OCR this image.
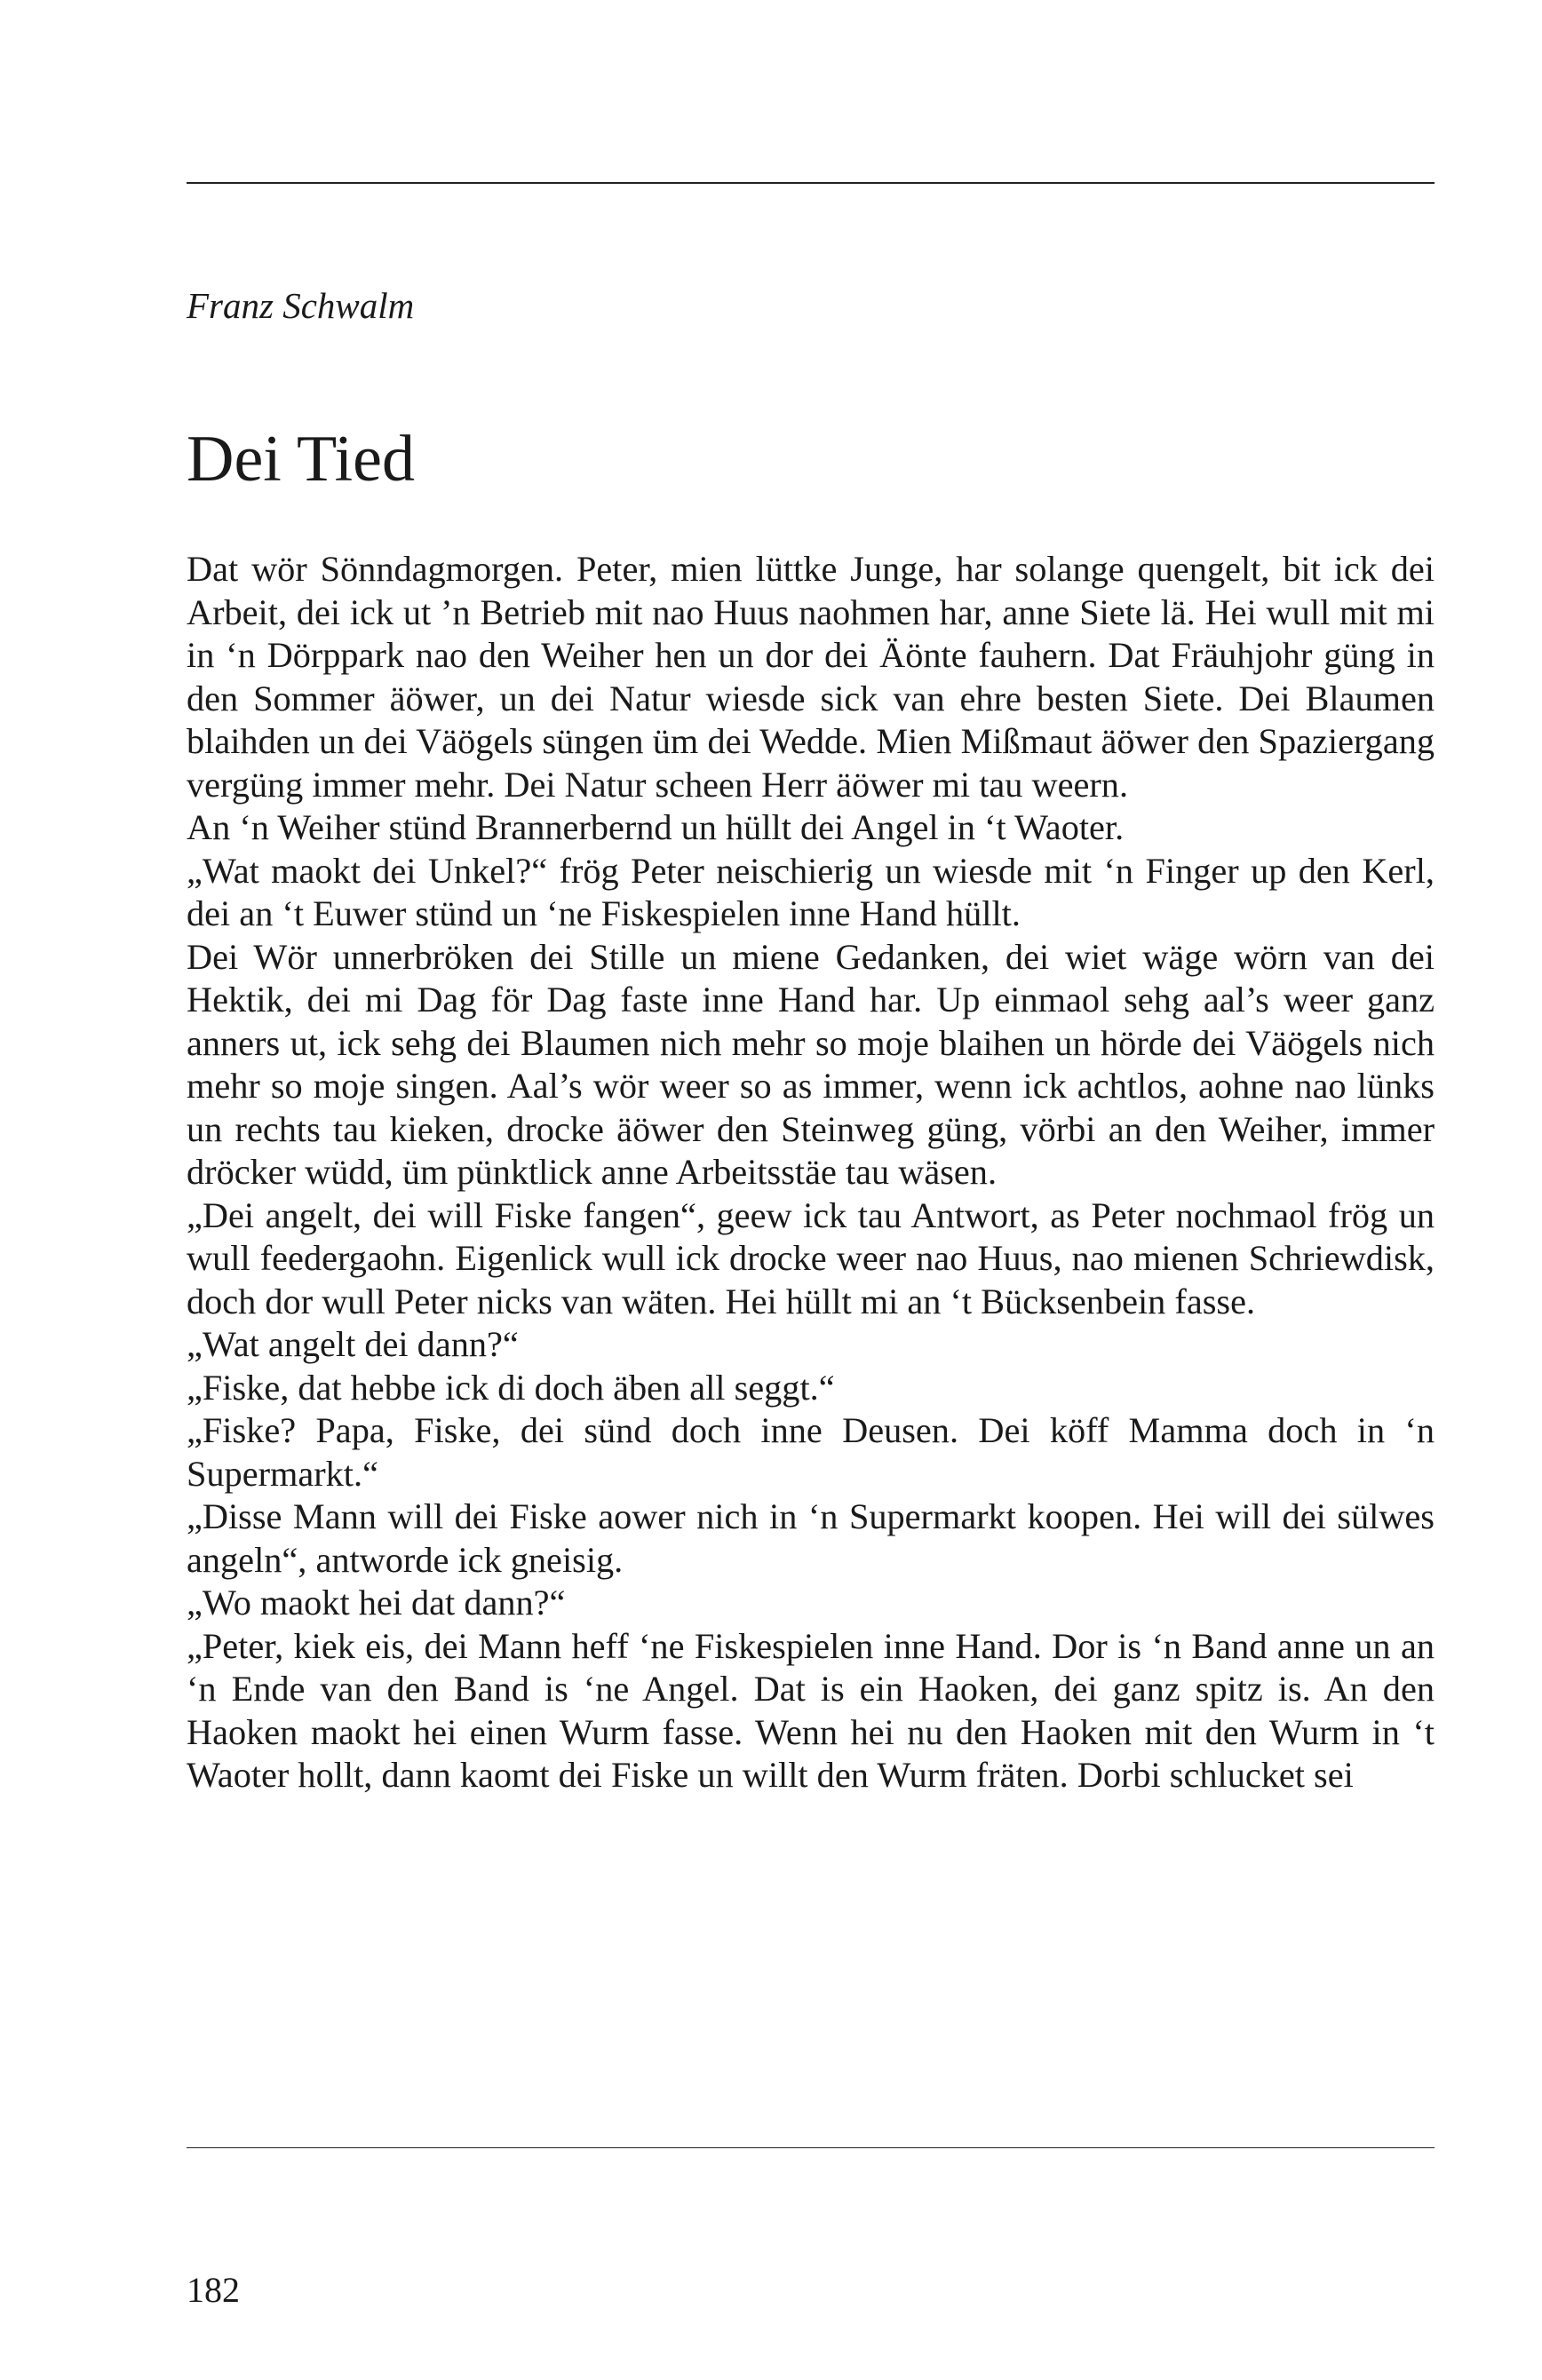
Franz Schwalm

Dei Tied

Dat wör Sönndagmorgen. Peter, mien lüttke Junge, har solange quengelt, bit ick dei Arbeit, dei ick ut ’n Betrieb mit nao Huus naohmen har, anne Siete lä. Hei wull mit mi in ‘n Dörppark nao den Weiher hen un dor dei Äönte fauhern. Dat Fräuhjohr güng in den Sommer äöwer, un dei Natur wiesde sick van ehre besten Siete. Dei Blaumen blaihden un dei Väögels süngen üm dei Wedde. Mien Mißmaut äöwer den Spaziergang vergüng immer mehr. Dei Natur scheen Herr äöwer mi tau weern.

An ‘n Weiher stünd Brannerbernd un hüllt dei Angel in ‘t Waoter.

„Wat maokt dei Unkel?“ frög Peter neischierig un wiesde mit ‘n Finger up den Kerl, dei an ‘t Euwer stünd un ‘ne Fiskespielen inne Hand hüllt.

Dei Wör unnerbröken dei Stille un miene Gedanken, dei wiet wäge wörn van dei Hektik, dei mi Dag för Dag faste inne Hand har. Up einmaol sehg aal’s weer ganz anners ut, ick sehg dei Blaumen nich mehr so moje blaihen un hörde dei Väögels nich mehr so moje singen. Aal’s wör weer so as immer, wenn ick achtlos, aohne nao lünks un rechts tau kieken, drocke äöwer den Steinweg güng, vörbi an den Weiher, immer dröcker wüdd, üm pünktlick anne Arbeitsstäe tau wäsen.

„Dei angelt, dei will Fiske fangen“, geew ick tau Antwort, as Peter nochmaol frög un wull feedergaohn. Eigenlick wull ick drocke weer nao Huus, nao mienen Schriewdisk, doch dor wull Peter nicks van wäten. Hei hüllt mi an ‘t Bücksenbein fasse.

„Wat angelt dei dann?“

„Fiske, dat hebbe ick di doch äben all seggt.“

„Fiske? Papa, Fiske, dei sünd doch inne Deusen. Dei köff Mamma doch in ‘n Supermarkt.“

„Disse Mann will dei Fiske aower nich in ‘n Supermarkt koopen. Hei will dei sülwes angeln“, antworde ick gneisig.

„Wo maokt hei dat dann?“

„Peter, kiek eis, dei Mann heff ‘ne Fiskespielen inne Hand. Dor is ‘n Band anne un an ‘n Ende van den Band is ‘ne Angel. Dat is ein Haoken, dei ganz spitz is. An den Haoken maokt hei einen Wurm fasse. Wenn hei nu den Haoken mit den Wurm in ‘t Waoter hollt, dann kaomt dei Fiske un willt den Wurm fräten. Dorbi schlucket sei

182
